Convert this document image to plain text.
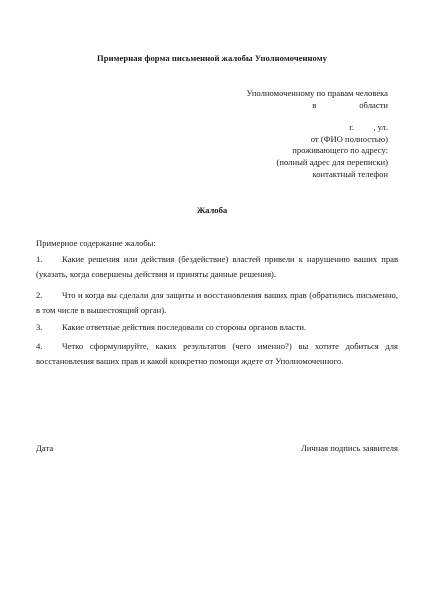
Примерная форма письменной жалобы Уполномоченному
Уполномоченному по правам человека
в                    области
г.         , ул.
от (ФИО полностью)
проживающего по адресу:
(полный адрес для переписки)
контактный телефон
Жалоба
Примерное содержание жалобы:
1. Какие решения или действия (бездействие) властей привели к нарушению ваших прав (указать, когда совершены действия и приняты данные решения).
2. Что и когда вы сделали для защиты и восстановления ваших прав (обратились письменно, в том числе в вышестоящий орган).
3. Какие ответные действия последовали со стороны органов власти.
4. Четко сформулируйте, каких результатов (чего именно?) вы хотите добиться для восстановления ваших прав и какой конкретно помощи ждете от Уполномоченного.
Дата	Личная подпись заявителя
